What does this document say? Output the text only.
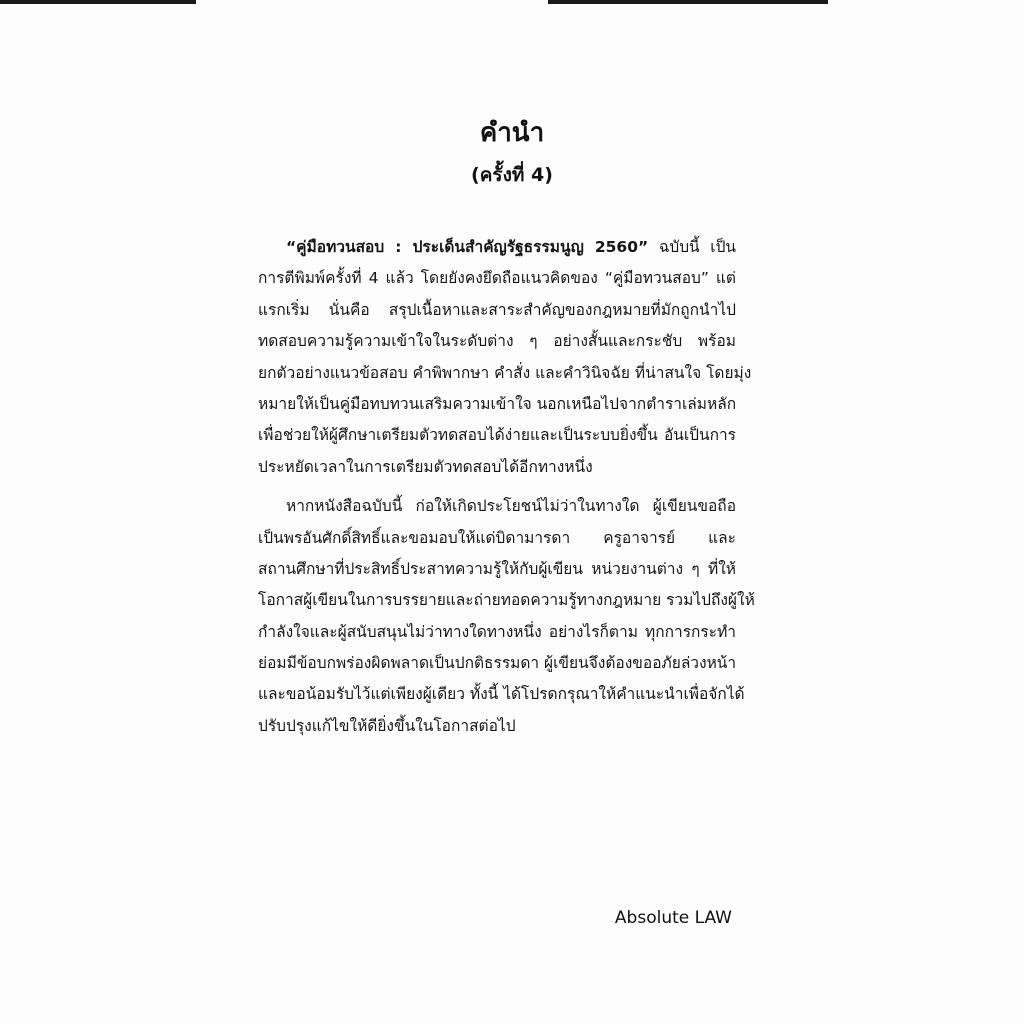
คำนำ
(ครั้งที่ 4)
“คู่มือทวนสอบ : ประเด็นสำคัญรัฐธรรมนูญ 2560” ฉบับนี้ เป็น
การตีพิมพ์ครั้งที่ 4 แล้ว โดยยังคงยึดถือแนวคิดของ “คู่มือทวนสอบ” แต่
แรกเริ่ม นั่นคือ สรุปเนื้อหาและสาระสำคัญของกฎหมายที่มักถูกนำไป
ทดสอบความรู้ความเข้าใจในระดับต่าง ๆ อย่างสั้นและกระชับ พร้อม
ยกตัวอย่างแนวข้อสอบ คำพิพากษา คำสั่ง และคำวินิจฉัย ที่น่าสนใจ โดยมุ่ง
หมายให้เป็นคู่มือทบทวนเสริมความเข้าใจ นอกเหนือไปจากตำราเล่มหลัก
เพื่อช่วยให้ผู้ศึกษาเตรียมตัวทดสอบได้ง่ายและเป็นระบบยิ่งขึ้น อันเป็นการ
ประหยัดเวลาในการเตรียมตัวทดสอบได้อีกทางหนึ่ง
หากหนังสือฉบับนี้ ก่อให้เกิดประโยชน์ไม่ว่าในทางใด ผู้เขียนขอถือ
เป็นพรอันศักดิ์สิทธิ์และขอมอบให้แด่บิดามารดา ครูอาจารย์ และ
สถานศึกษาที่ประสิทธิ์ประสาทความรู้ให้กับผู้เขียน หน่วยงานต่าง ๆ ที่ให้
โอกาสผู้เขียนในการบรรยายและถ่ายทอดความรู้ทางกฎหมาย รวมไปถึงผู้ให้
กำลังใจและผู้สนับสนุนไม่ว่าทางใดทางหนึ่ง อย่างไรก็ตาม ทุกการกระทำ
ย่อมมีข้อบกพร่องผิดพลาดเป็นปกติธรรมดา ผู้เขียนจึงต้องขออภัยล่วงหน้า
และขอน้อมรับไว้แต่เพียงผู้เดียว ทั้งนี้ ได้โปรดกรุณาให้คำแนะนำเพื่อจักได้
ปรับปรุงแก้ไขให้ดียิ่งขึ้นในโอกาสต่อไป
Absolute LAW
